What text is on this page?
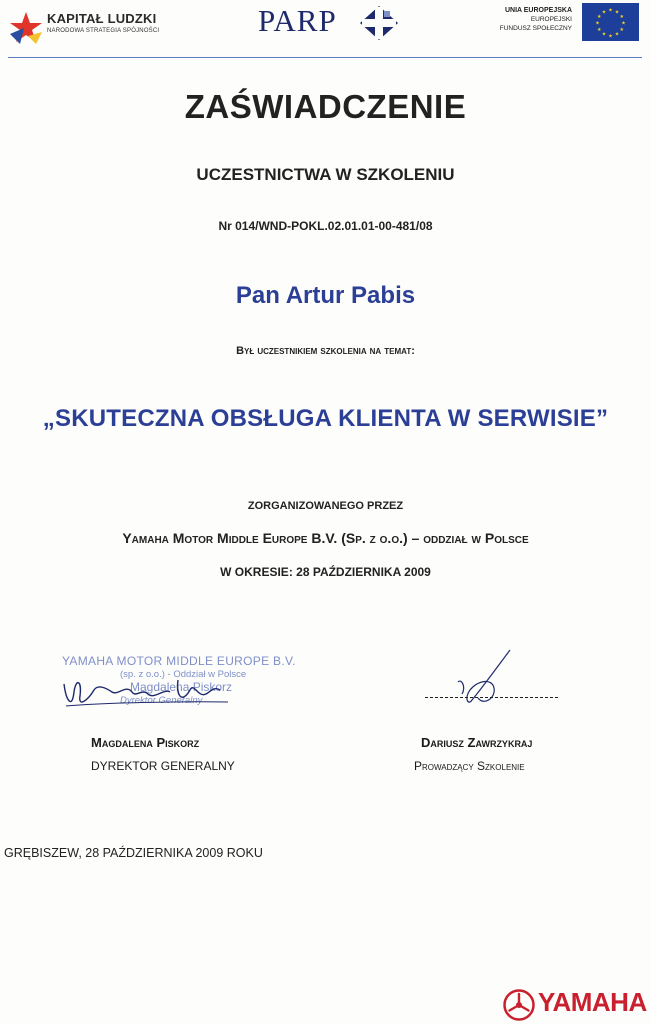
KAPITAŁ LUDZKI
NARODOWA STRATEGIA SPÓJNOŚCI	PARP	UNIA EUROPEJSKA
EUROPEJSKI
FUNDUSZ SPOŁECZNY
★ ★
★
★
★
★
★
★
★
★
★
★
ZAŚWIADCZENIE
UCZESTNICTWA W SZKOLENIU
Nr 014/WND-POKL.02.01.01-00-481/08
Pan Artur Pabis
Był uczestnikiem szkolenia na temat:
„SKUTECZNA OBSŁUGA KLIENTA W SERWISIE”
ZORGANIZOWANEGO PRZEZ
Yamaha Motor Middle Europe B.V. (Sp. z o.o.) – oddział w Polsce
W OKRESIE: 28 PAŹDZIERNIKA 2009
YAMAHA MOTOR MIDDLE EUROPE B.V.
(sp. z o.o.) - Oddział w Polsce
Magdalena Piskorz
Dyrektor Generalny
Magdalena Piskorz
DYREKTOR GENERALNY
Dariusz Zawrzykraj
Prowadzący Szkolenie
GRĘBISZEW, 28 PAŹDZIERNIKA 2009 ROKU
YAMAHA
